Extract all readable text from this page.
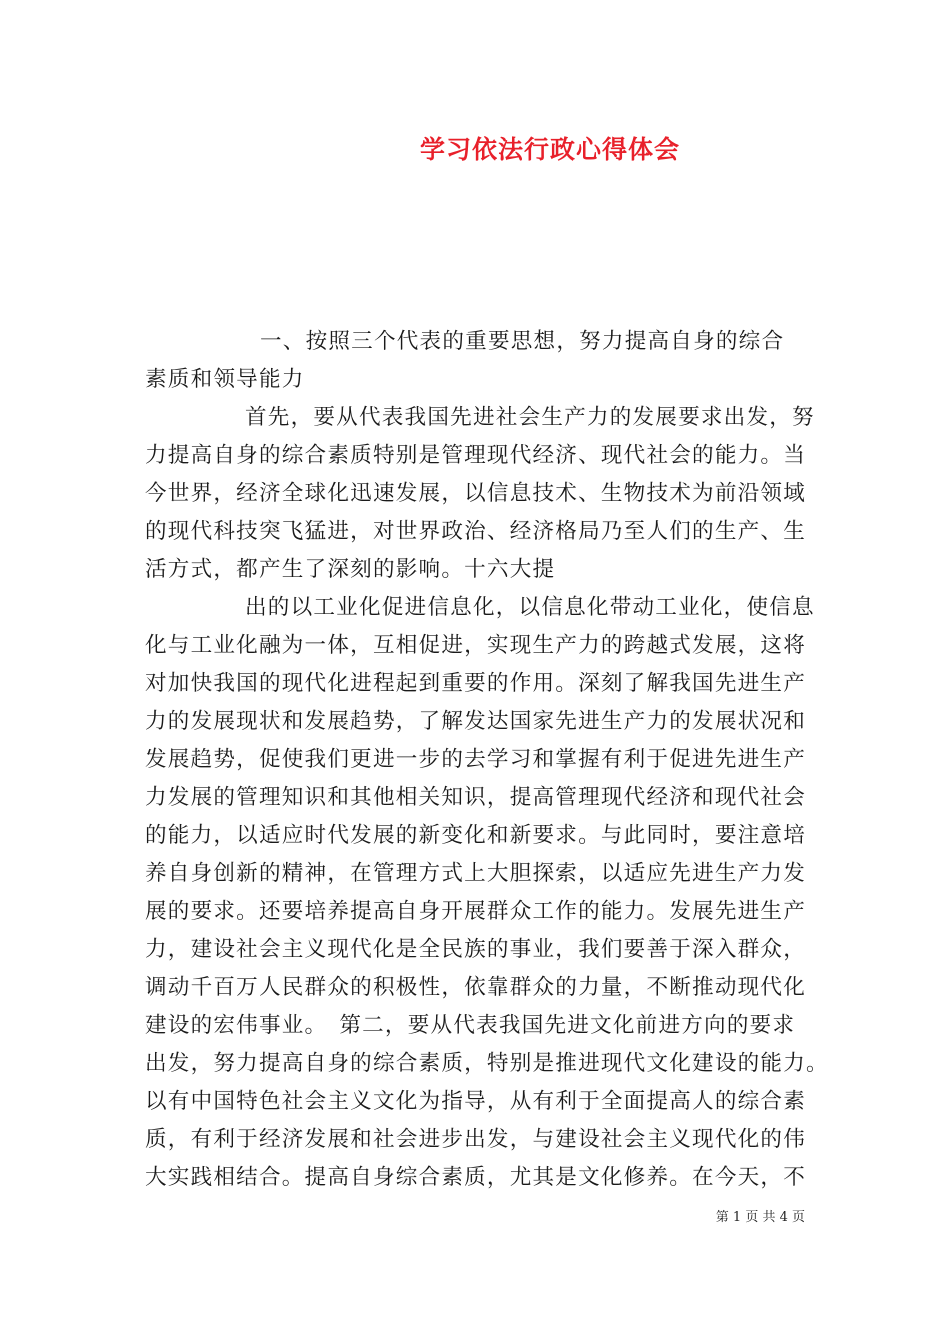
学习依法行政心得体会
一、按照三个代表的重要思想，努力提高自身的综合
素质和领导能力
首先，要从代表我国先进社会生产力的发展要求出发，努
力提高自身的综合素质特别是管理现代经济、现代社会的能力。当
今世界，经济全球化迅速发展，以信息技术、生物技术为前沿领域
的现代科技突飞猛进，对世界政治、经济格局乃至人们的生产、生
活方式，都产生了深刻的影响。十六大提
出的以工业化促进信息化，以信息化带动工业化，使信息
化与工业化融为一体，互相促进，实现生产力的跨越式发展，这将
对加快我国的现代化进程起到重要的作用。深刻了解我国先进生产
力的发展现状和发展趋势，了解发达国家先进生产力的发展状况和
发展趋势，促使我们更进一步的去学习和掌握有利于促进先进生产
力发展的管理知识和其他相关知识，提高管理现代经济和现代社会
的能力，以适应时代发展的新变化和新要求。与此同时，要注意培
养自身创新的精神，在管理方式上大胆探索，以适应先进生产力发
展的要求。还要培养提高自身开展群众工作的能力。发展先进生产
力，建设社会主义现代化是全民族的事业，我们要善于深入群众，
调动千百万人民群众的积极性，依靠群众的力量，不断推动现代化
建设的宏伟事业。　第二，要从代表我国先进文化前进方向的要求
出发，努力提高自身的综合素质，特别是推进现代文化建设的能力。
以有中国特色社会主义文化为指导，从有利于全面提高人的综合素
质，有利于经济发展和社会进步出发，与建设社会主义现代化的伟
大实践相结合。提高自身综合素质，尤其是文化修养。在今天，不
第 1 页 共 4 页
